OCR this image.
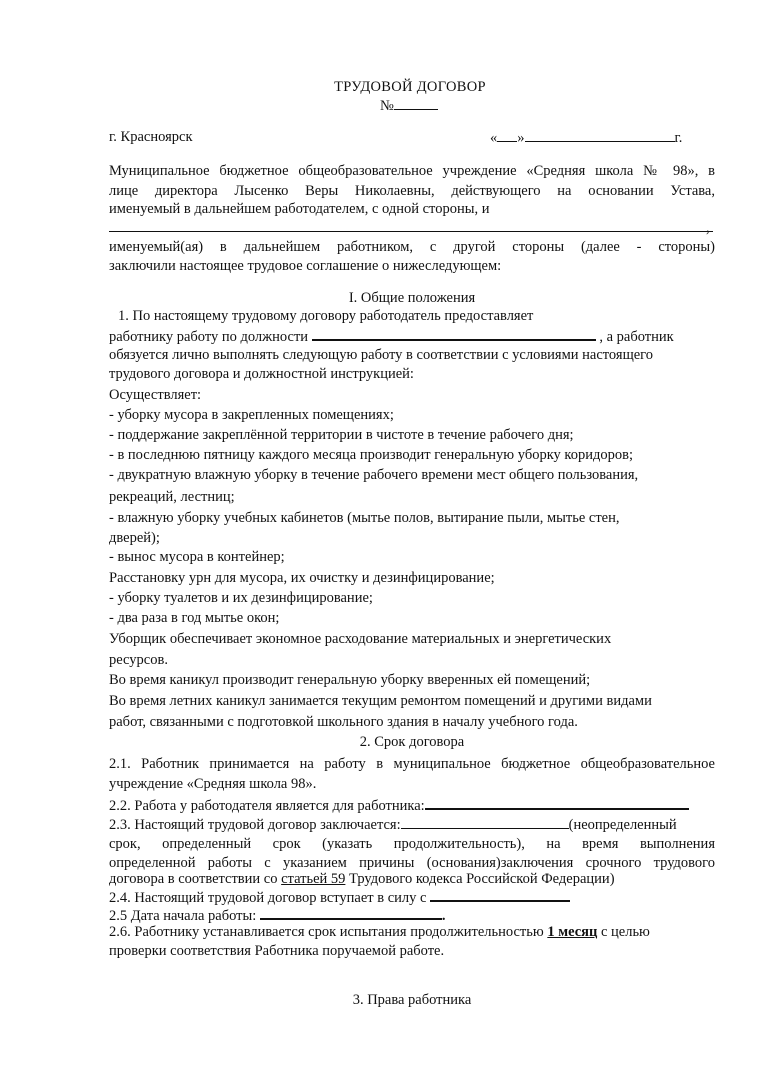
ТРУДОВОЙ ДОГОВОР
№
г. Красноярск	« »	г.
Муниципальное бюджетное общеобразовательное учреждение «Средняя школа № 98», в
лице директора Лысенко Веры Николаевны, действующего на основании Устава,
именуемый в дальнейшем работодателем, с одной стороны, и
,
именуемый(ая) в дальнейшем работником, с другой стороны (далее - стороны)
заключили настоящее трудовое соглашение о нижеследующем:
I. Общие положения
1. По настоящему трудовому договору работодатель предоставляет
работнику работу по должности	, а работник
обязуется лично выполнять следующую работу в соответствии с условиями настоящего
трудового договора и должностной инструкцией:
Осуществляет:
- уборку мусора в закрепленных помещениях;
- поддержание закреплённой территории в чистоте в течение рабочего дня;
- в последнюю пятницу каждого месяца производит генеральную уборку коридоров;
- двукратную влажную уборку в течение рабочего времени мест общего пользования,
рекреаций, лестниц;
- влажную уборку учебных кабинетов (мытье полов, вытирание пыли, мытье стен,
дверей);
- вынос мусора в контейнер;
Расстановку урн для мусора, их очистку и дезинфицирование;
- уборку туалетов и их дезинфицирование;
- два раза в год мытье окон;
Уборщик обеспечивает экономное расходование материальных и энергетических
ресурсов.
Во время каникул производит генеральную уборку вверенных ей помещений;
Во время летних каникул занимается текущим ремонтом помещений и другими видами
работ, связанными с подготовкой школьного здания в началу учебного года.
2. Срок договора
2.1. Работник принимается на работу в муниципальное бюджетное общеобразовательное
учреждение «Средняя школа 98».
2.2. Работа у работодателя является для работника:
2.3. Настоящий трудовой договор заключается:	(неопределенный
срок, определенный срок (указать продолжительность), на время выполнения
определенной работы с указанием причины (основания)заключения срочного трудового
договора в соответствии со статьей 59 Трудового кодекса Российской Федерации)
2.4. Настоящий трудовой договор вступает в силу с
2.5 Дата начала работы:	.
2.6. Работнику устанавливается срок испытания продолжительностью 1 месяц с целью
проверки соответствия Работника поручаемой работе.
3. Права работника
